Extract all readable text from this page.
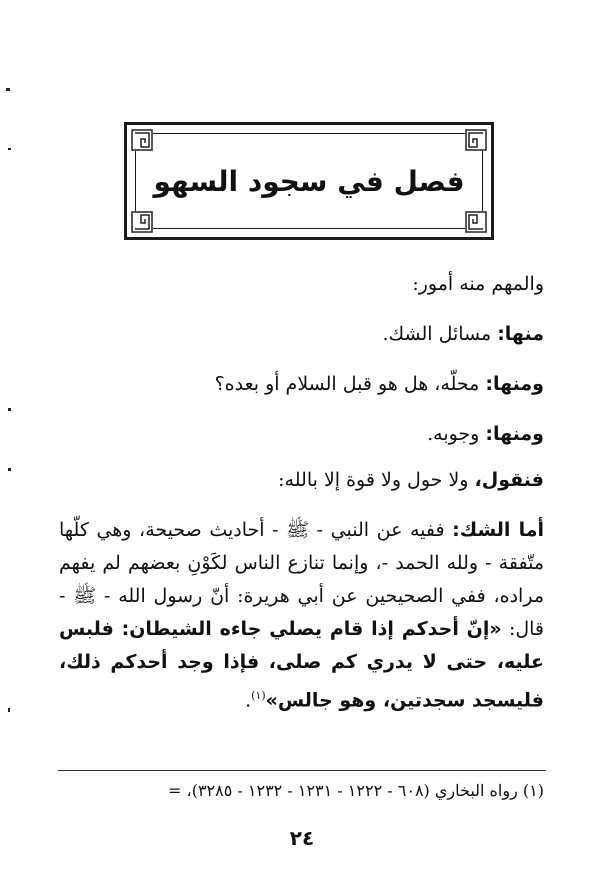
فصل في سجود السهو

والمهم منه أمور:

منها: مسائل الشك.

ومنها: محلّه، هل هو قبل السلام أو بعده؟

ومنها: وجوبه.

فنقول، ولا حول ولا قوة إلا بالله:

أما الشك: ففيه عن النبي - ﷺ - أحاديث صحيحة، وهي كلّها متّفقة - ولله الحمد -، وإنما تنازع الناس لكَوْنِ بعضهم لم يفهم مراده، ففي الصحيحين عن أبي هريرة: أنّ رسول الله - ﷺ - قال: «إنّ أحدكم إذا قام يصلي جاءه الشيطان: فلبس عليه، حتى لا يدري كم صلى، فإذا وجد أحدكم ذلك، فليسجد سجدتين، وهو جالس»$^{(١)}$.

(١) رواه البخاري (٦٠٨ - ١٢٢٢ - ١٢٣١ - ١٢٣٢ - ٣٢٨٥)، =

٢٤
